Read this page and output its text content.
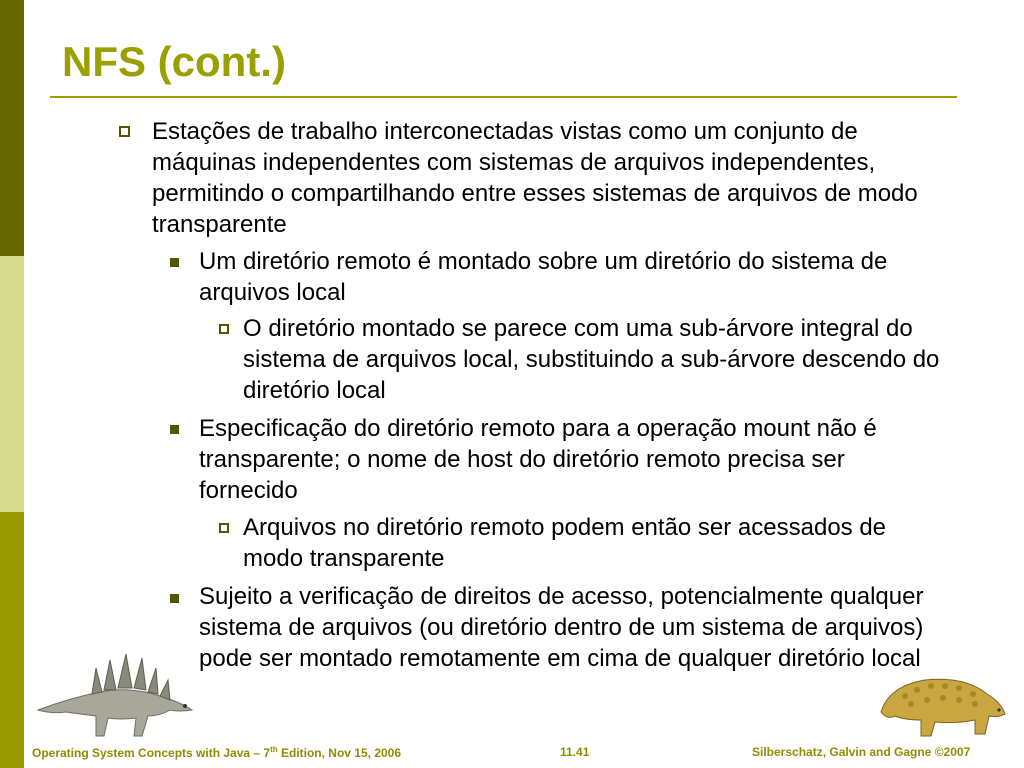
NFS (cont.)
Estações de trabalho interconectadas vistas como um conjunto de máquinas independentes com sistemas de arquivos independentes, permitindo o compartilhando entre esses sistemas de arquivos de modo transparente
Um diretório remoto é montado sobre um diretório do sistema de arquivos local
O diretório montado se parece com uma sub-árvore integral do sistema de arquivos local, substituindo a sub-árvore descendo do diretório local
Especificação do diretório remoto para a operação mount não é transparente; o nome de host do diretório remoto precisa ser fornecido
Arquivos no diretório remoto podem então ser acessados de modo transparente
Sujeito a verificação de direitos de acesso, potencialmente qualquer sistema de arquivos (ou diretório dentro de um sistema de arquivos) pode ser montado remotamente em cima de qualquer diretório local
Operating System Concepts with Java – 7th Edition, Nov 15, 2006	11.41	Silberschatz, Galvin and Gagne ©2007
